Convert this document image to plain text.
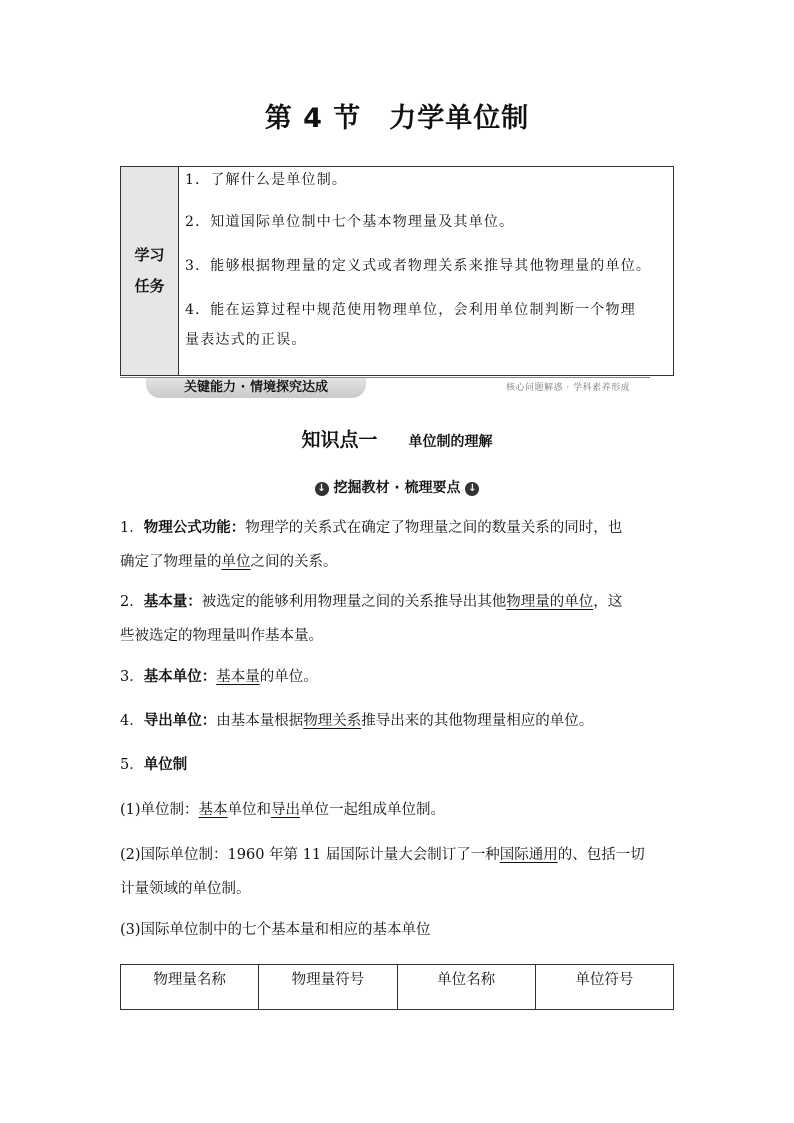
第 4 节　力学单位制
学习
任务
1．了解什么是单位制。
2．知道国际单位制中七个基本物理量及其单位。
3．能够根据物理量的定义式或者物理关系来推导其他物理量的单位。
4．能在运算过程中规范使用物理单位，会利用单位制判断一个物理
量表达式的正误。
关键能力 · 情境探究达成	核心问题解惑 · 学科素养形成
知识点一 单位制的理解
↓ 挖掘教材 · 梳理要点 ↓
1．物理公式功能：物理学的关系式在确定了物理量之间的数量关系的同时，也
确定了物理量的单位之间的关系。
2．基本量：被选定的能够利用物理量之间的关系推导出其他物理量的单位，这
些被选定的物理量叫作基本量。
3．基本单位：基本量的单位。
4．导出单位：由基本量根据物理关系推导出来的其他物理量相应的单位。
5．单位制
(1)单位制：基本单位和导出单位一起组成单位制。
(2)国际单位制：1960 年第 11 届国际计量大会制订了一种国际通用的、包括一切
计量领域的单位制。
(3)国际单位制中的七个基本量和相应的基本单位
物理量名称	物理量符号	单位名称	单位符号
